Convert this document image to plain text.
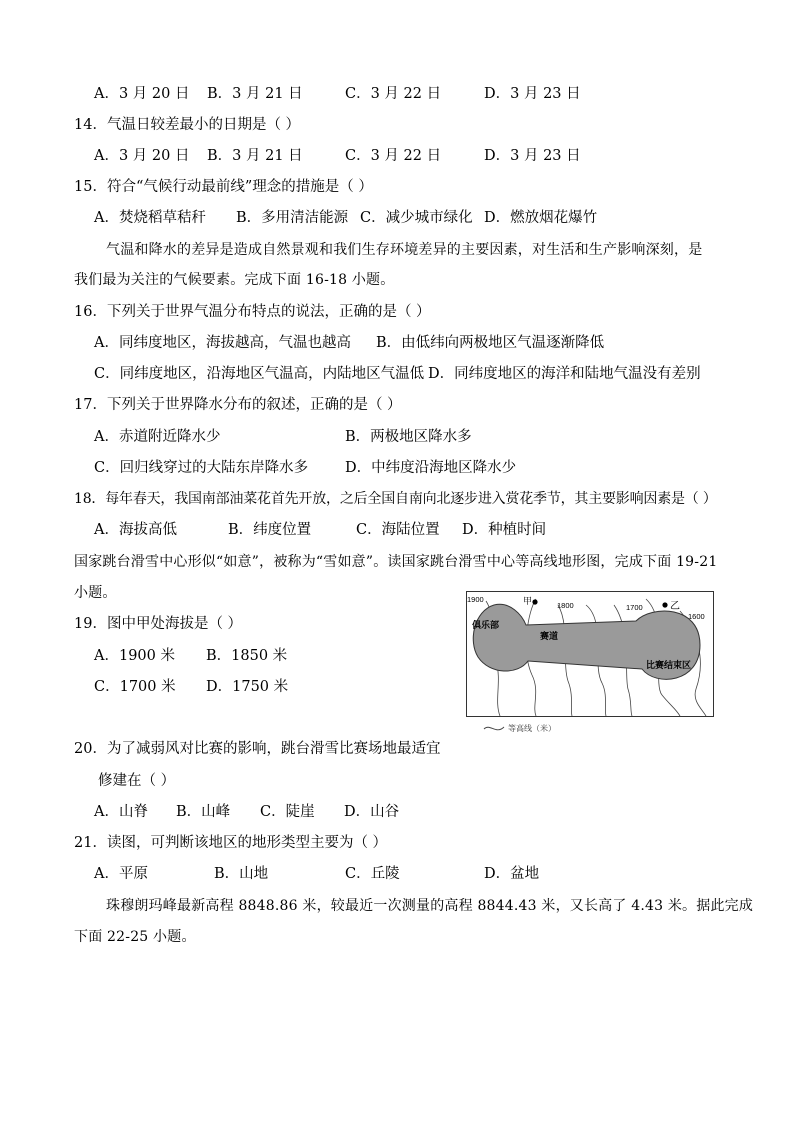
A．3 月 20 日 B．3 月 21 日	C．3 月 22 日	D．3 月 23 日
14．气温日较差最小的日期是（ ）
A．3 月 20 日 B．3 月 21 日	C．3 月 22 日	D．3 月 23 日
15．符合“气候行动最前线”理念的措施是（ ）
A．焚烧稻草秸秆 B．多用清洁能源 C．减少城市绿化 D．燃放烟花爆竹
气温和降水的差异是造成自然景观和我们生存环境差异的主要因素，对生活和生产影响深刻，是
我们最为关注的气候要素。完成下面 16-18 小题。
16．下列关于世界气温分布特点的说法，正确的是（ ）
A．同纬度地区，海拔越高，气温也越高 B．由低纬向两极地区气温逐渐降低
C．同纬度地区，沿海地区气温高，内陆地区气温低 D．同纬度地区的海洋和陆地气温没有差别
17．下列关于世界降水分布的叙述，正确的是（ ）
A．赤道附近降水少	B．两极地区降水多
C．回归线穿过的大陆东岸降水多	D．中纬度沿海地区降水少
18．每年春天，我国南部油菜花首先开放，之后全国自南向北逐步进入赏花季节，其主要影响因素是（ ）
A．海拔高低	B．纬度位置	C．海陆位置 D．种植时间
国家跳台滑雪中心形似“如意”，被称为“雪如意”。读国家跳台滑雪中心等高线地形图，完成下面 19-21
小题。
19．图中甲处海拔是（ ）
A．1900 米 B．1850 米
C．1700 米 D．1750 米
1900
1800	1700
1600
甲	乙
俱乐部
赛道
比赛结束区
等高线（米）
20．为了减弱风对比赛的影响，跳台滑雪比赛场地最适宜
修建在（ ）
A．山脊 B．山峰 C．陡崖 D．山谷
21．读图，可判断该地区的地形类型主要为（ ）
A．平原	B．山地	C．丘陵	D．盆地
珠穆朗玛峰最新高程 8848.86 米，较最近一次测量的高程 8844.43 米，又长高了 4.43 米。据此完成
下面 22-25 小题。
